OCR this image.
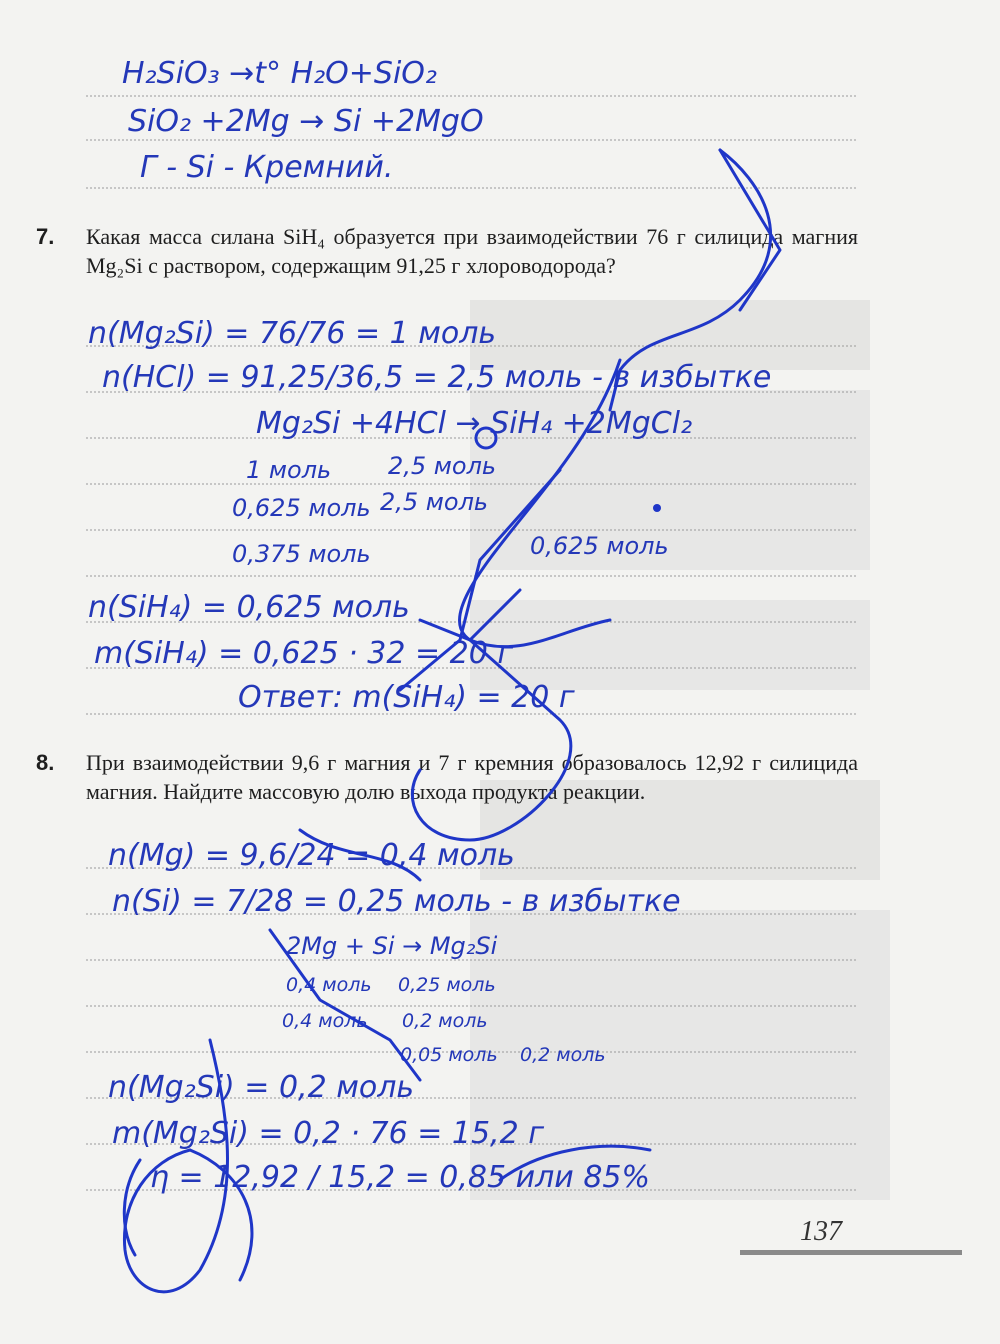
H₂SiO₃ →t° H₂O+SiO₂
SiO₂ +2Mg → Si +2MgO
Г - Si - Кремний.
7. Какая масса силана SiH₄ образуется при взаимодействии 76 г силицида магния Mg₂Si с раствором, содержащим 91,25 г хлороводорода?
n(Mg₂Si) = 76/76 = 1 моль
n(HCl) = 91,25/36,5 = 2,5 моль - в избытке
Mg₂Si +4HCl → SiH₄ +2MgCl₂
1 моль 2,5 моль
0,625 моль 2,5 моль
0,375 моль	0,625 моль
n(SiH₄) = 0,625 моль
m(SiH₄) = 0,625 · 32 = 20 г
Ответ: m(SiH₄) = 20 г
8. При взаимодействии 9,6 г магния и 7 г кремния образовалось 12,92 г силицида магния. Найдите массовую долю выхода продукта реакции.
n(Mg) = 9,6/24 = 0,4 моль
n(Si) = 7/28 = 0,25 моль - в избытке
2Mg + Si → Mg₂Si
0,4 моль 0,25 моль
0,4 моль 0,2 моль
0,05 моль 0,2 моль
n(Mg₂Si) = 0,2 моль
m(Mg₂Si) = 0,2 · 76 = 15,2 г
η = 12,92 / 15,2 = 0,85 или 85%
137
